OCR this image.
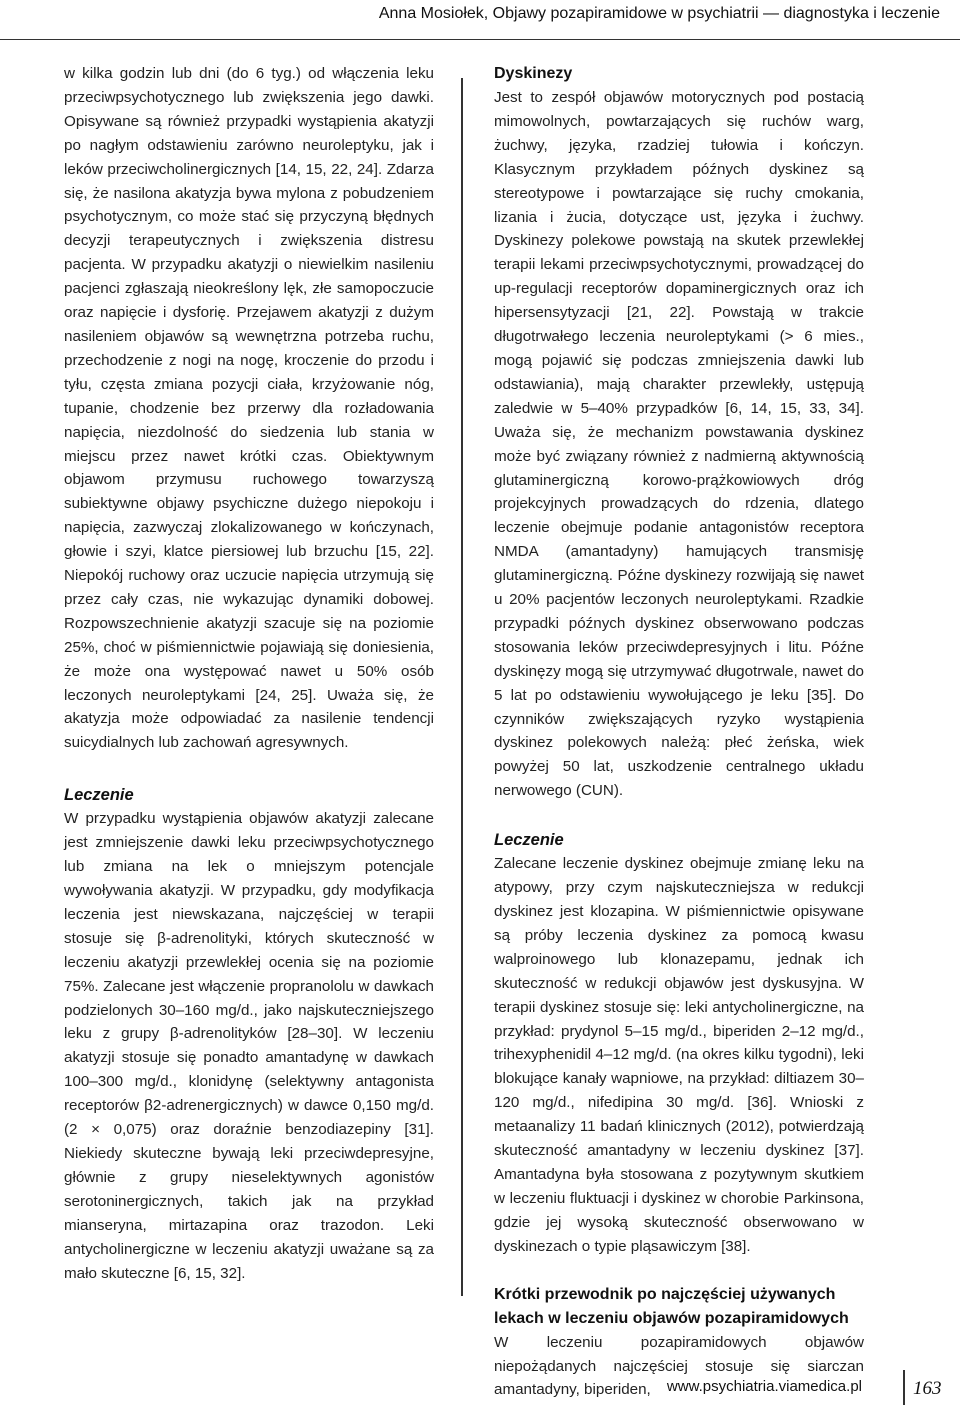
Anna Mosiołek, Objawy pozapiramidowe w psychiatrii — diagnostyka i leczenie

w kilka godzin lub dni (do 6 tyg.) od włączenia leku przeciwpsychotycznego lub zwiększenia jego dawki. Opisywane są również przypadki wystąpienia akatyzji po nagłym odstawieniu zarówno neuroleptyku, jak i leków przeciwcholinergicznych [14, 15, 22, 24]. Zdarza się, że nasilona akatyzja bywa mylona z pobudzeniem psychotycznym, co może stać się przyczyną błędnych decyzji terapeutycznych i zwiększenia distresu pacjenta. W przypadku akatyzji o niewielkim nasileniu pacjenci zgłaszają nieokreślony lęk, złe samopoczucie oraz napięcie i dysforię. Przejawem akatyzji z dużym nasileniem objawów są wewnętrzna potrzeba ruchu, przechodzenie z nogi na nogę, kroczenie do przodu i tyłu, częsta zmiana pozycji ciała, krzyżowanie nóg, tupanie, chodzenie bez przerwy dla rozładowania napięcia, niezdolność do siedzenia lub stania w miejscu przez nawet krótki czas. Obiektywnym objawom przymusu ruchowego towarzyszą subiektywne objawy psychiczne dużego niepokoju i napięcia, zazwyczaj zlokalizowanego w kończynach, głowie i szyi, klatce piersiowej lub brzuchu [15, 22]. Niepokój ruchowy oraz uczucie napięcia utrzymują się przez cały czas, nie wykazując dynamiki dobowej. Rozpowszechnienie akatyzji szacuje się na poziomie 25%, choć w piśmiennictwie pojawiają się doniesienia, że może ona występować nawet u 50% osób leczonych neuroleptykami [24, 25]. Uważa się, że akatyzja może odpowiadać za nasilenie tendencji suicydialnych lub zachowań agresywnych.

Leczenie

W przypadku wystąpienia objawów akatyzji zalecane jest zmniejszenie dawki leku przeciwpsychotycznego lub zmiana na lek o mniejszym potencjale wywoływania akatyzji. W przypadku, gdy modyfikacja leczenia jest niewskazana, najczęściej w terapii stosuje się β-adrenolityki, których skuteczność w leczeniu akatyzji przewlekłej ocenia się na poziomie 75%. Zalecane jest włączenie propranololu w dawkach podzielonych 30–160 mg/d., jako najskuteczniejszego leku z grupy β-adrenolityków [28–30]. W leczeniu akatyzji stosuje się ponadto amantadynę w dawkach 100–300 mg/d., klonidynę (selektywny antagonista receptorów β2-adrenergicznych) w dawce 0,150 mg/d. (2 × 0,075) oraz doraźnie benzodiazepiny [31]. Niekiedy skuteczne bywają leki przeciwdepresyjne, głównie z grupy nieselektywnych agonistów serotoninergicznych, takich jak na przykład mianseryna, mirtazapina oraz trazodon. Leki antycholinergiczne w leczeniu akatyzji uważane są za mało skuteczne [6, 15, 32].

Dyskinezy

Jest to zespół objawów motorycznych pod postacią mimowolnych, powtarzających się ruchów warg, żuchwy, języka, rzadziej tułowia i kończyn. Klasycznym przykładem późnych dyskinez są stereotypowe i powtarzające się ruchy cmokania, lizania i żucia, dotyczące ust, języka i żuchwy. Dyskinezy polekowe powstają na skutek przewlekłej terapii lekami przeciwpsychotycznymi, prowadzącej do up-regulacji receptorów dopaminergicznych oraz ich hipersensytyzacji [21, 22]. Powstają w trakcie długotrwałego leczenia neuroleptykami (> 6 mies., mogą pojawić się podczas zmniejszenia dawki lub odstawiania), mają charakter przewlekły, ustępują zaledwie w 5–40% przypadków [6, 14, 15, 33, 34]. Uważa się, że mechanizm powstawania dyskinez może być związany również z nadmierną aktywnością glutaminergiczną korowo-prążkowiowych dróg projekcyjnych prowadzących do rdzenia, dlatego leczenie obejmuje podanie antagonistów receptora NMDA (amantadyny) hamujących transmisję glutaminergiczną. Późne dyskinezy rozwijają się nawet u 20% pacjentów leczonych neuroleptykami. Rzadkie przypadki późnych dyskinez obserwowano podczas stosowania leków przeciwdepresyjnych i litu. Późne dyskinęzy mogą się utrzymywać długotrwale, nawet do 5 lat po odstawieniu wywołującego je leku [35]. Do czynników zwiększających ryzyko wystąpienia dyskinez polekowych należą: płeć żeńska, wiek powyżej 50 lat, uszkodzenie centralnego układu nerwowego (CUN).

Leczenie

Zalecane leczenie dyskinez obejmuje zmianę leku na atypowy, przy czym najskuteczniejsza w redukcji dyskinez jest klozapina. W piśmiennictwie opisywane są próby leczenia dyskinez za pomocą kwasu walproinowego lub klonazepamu, jednak ich skuteczność w redukcji objawów jest dyskusyjna. W terapii dyskinez stosuje się: leki antycholinergiczne, na przykład: prydynol 5–15 mg/d., biperiden 2–12 mg/d., trihexyphenidil 4–12 mg/d. (na okres kilku tygodni), leki blokujące kanały wapniowe, na przykład: diltiazem 30–120 mg/d., nifedipina 30 mg/d. [36]. Wnioski z metaanalizy 11 badań klinicznych (2012), potwierdzają skuteczność amantadyny w leczeniu dyskinez [37]. Amantadyna była stosowana z pozytywnym skutkiem w leczeniu fluktuacji i dyskinez w chorobie Parkinsona, gdzie jej wysoką skuteczność obserwowano w dyskinezach o typie pląsawiczym [38].

Krótki przewodnik po najczęściej używanych lekach w leczeniu objawów pozapiramidowych

W leczeniu pozapiramidowych objawów niepożądanych najczęściej stosuje się siarczan amantadyny, biperiden,	www.psychiatria.viamedica.pl	163
